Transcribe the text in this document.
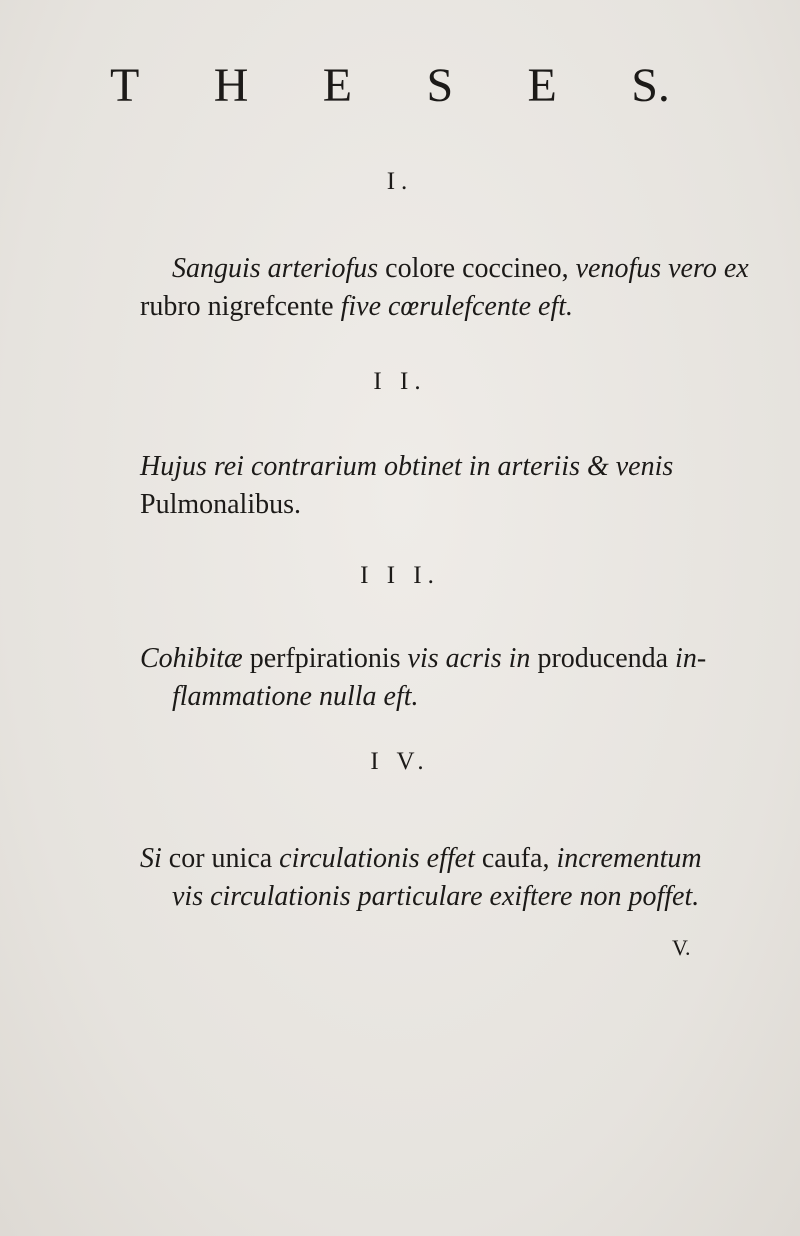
T H E S E S.
I.
Sanguis arteriofus colore coccineo, venofus vero ex
rubro nigrefcente five cœrulefcente eft.
I I.
Hujus rei contrarium obtinet in arteriis & venis
Pulmonalibus.
I I I.
Cohibitæ perfpirationis vis acris in producenda in-
flammatione nulla eft.
I V.
Si cor unica circulationis effet caufa, incrementum
vis circulationis particulare exiftere non poffet.
V.
